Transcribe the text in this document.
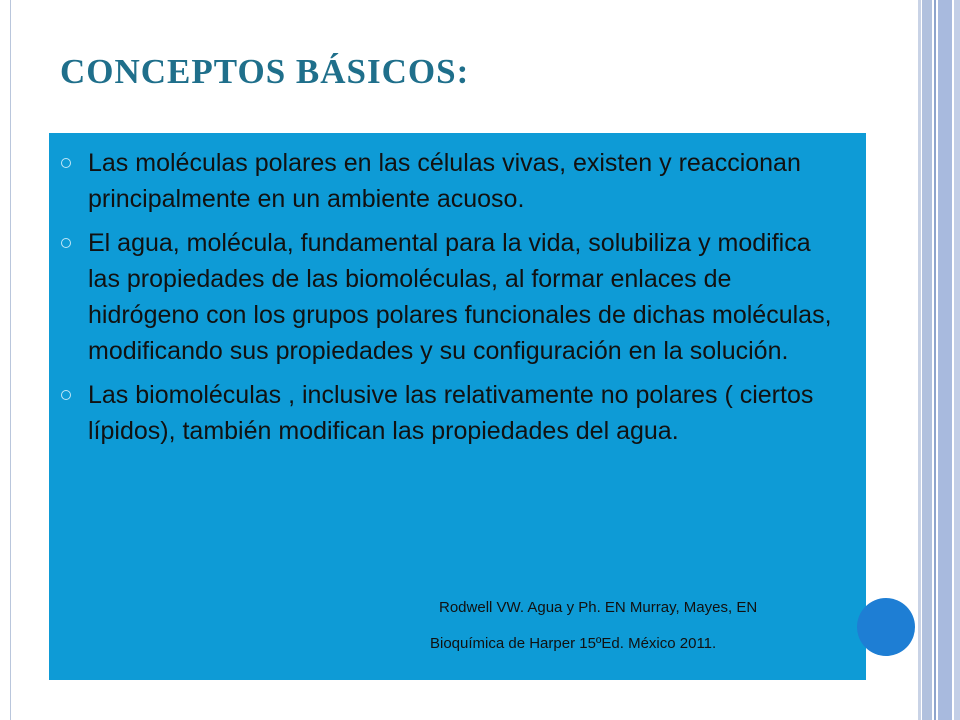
CONCEPTOS BÁSICOS:
Las moléculas polares en las células vivas, existen y reaccionan principalmente en un ambiente acuoso.
El agua, molécula, fundamental para la vida, solubiliza y modifica las propiedades de las biomoléculas, al formar enlaces de hidrógeno con los grupos polares funcionales de dichas moléculas, modificando sus propiedades y su configuración en la solución.
Las biomoléculas , inclusive las relativamente no polares ( ciertos lípidos), también modifican las propiedades del agua.

Rodwell VW. Agua y Ph. EN Murray, Mayes, EN

Bioquímica de Harper 15ºEd. México 2011.
